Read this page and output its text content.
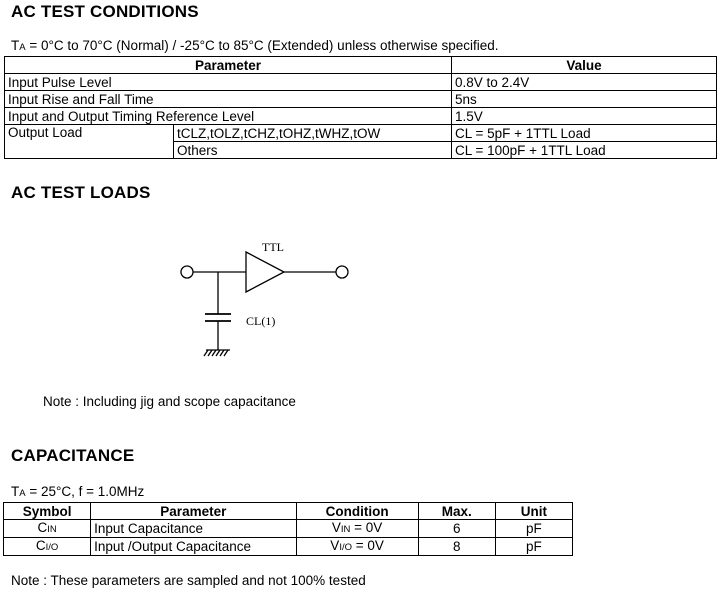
AC TEST CONDITIONS
TA = 0°C to 70°C (Normal) / -25°C to 85°C (Extended) unless otherwise specified.
Parameter		Value
Input Pulse Level		0.8V to 2.4V
Input Rise and Fall Time		5ns
Input and Output Timing Reference Level		1.5V
Output Load	tCLZ,tOLZ,tCHZ,tOHZ,tWHZ,tOW	CL = 5pF + 1TTL Load
	Others	CL = 100pF + 1TTL Load
AC TEST LOADS
TTL
CL(1)
Note : Including jig and scope capacitance
CAPACITANCE
TA = 25°C, f = 1.0MHz
Symbol	Parameter	Condition	Max.	Unit
CIN	Input Capacitance	VIN = 0V	6	pF
CI/O	Input /Output Capacitance	VI/O = 0V	8	pF
Note : These parameters are sampled and not 100% tested
